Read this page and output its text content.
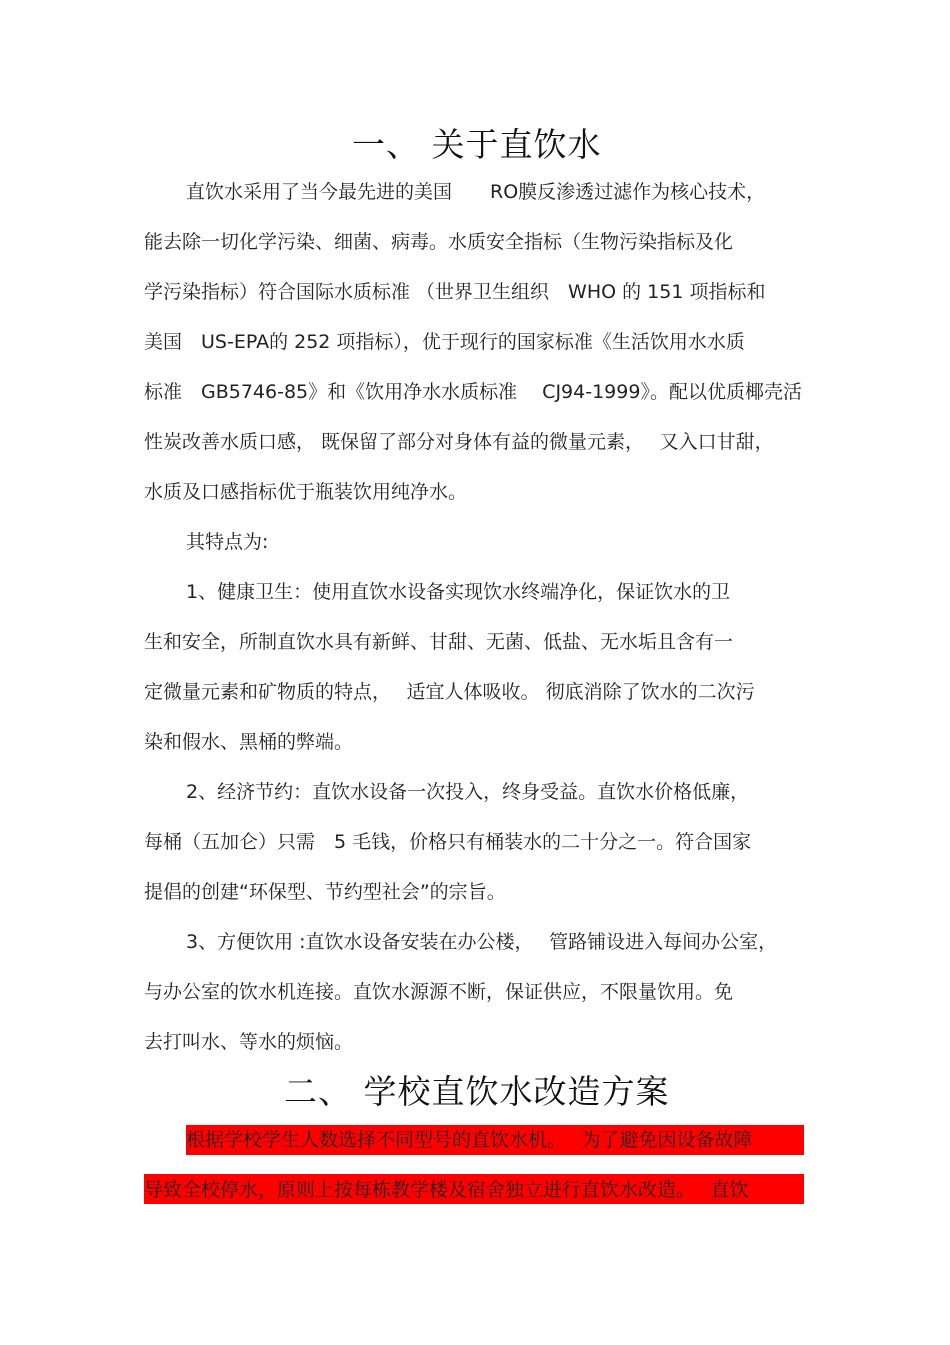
一、 关于直饮水
直饮水采用了当今最先进的美国　　RO膜反渗透过滤作为核心技术，
能去除一切化学污染、细菌、病毒。水质安全指标（生物污染指标及化
学污染指标）符合国际水质标准 （世界卫生组织　WHO 的 151 项指标和
美国　US-EPA的 252 项指标），优于现行的国家标准《生活饮用水水质
标准　GB5746-85》和《饮用净水水质标准　 CJ94-1999》。配以优质椰壳活
性炭改善水质口感， 既保留了部分对身体有益的微量元素，　 又入口甘甜，
水质及口感指标优于瓶装饮用纯净水。
其特点为:
1、健康卫生：使用直饮水设备实现饮水终端净化，保证饮水的卫
生和安全，所制直饮水具有新鲜、甘甜、无菌、低盐、无水垢且含有一
定微量元素和矿物质的特点，　 适宜人体吸收。 彻底消除了饮水的二次污
染和假水、黑桶的弊端。
2、经济节约：直饮水设备一次投入，终身受益。直饮水价格低廉，
每桶（五加仑）只需　5 毛钱，价格只有桶装水的二十分之一。符合国家
提倡的创建“环保型、节约型社会”的宗旨。
3、方便饮用 :直饮水设备安装在办公楼，　 管路铺设进入每间办公室，
与办公室的饮水机连接。直饮水源源不断，保证供应，不限量饮用。免
去打叫水、等水的烦恼。
二、 学校直饮水改造方案
根据学校学生人数选择不同型号的直饮水机。　 为了避免因设备故障
导致全校停水，原则上按每栋教学楼及宿舍独立进行直饮水改造。　 直饮
